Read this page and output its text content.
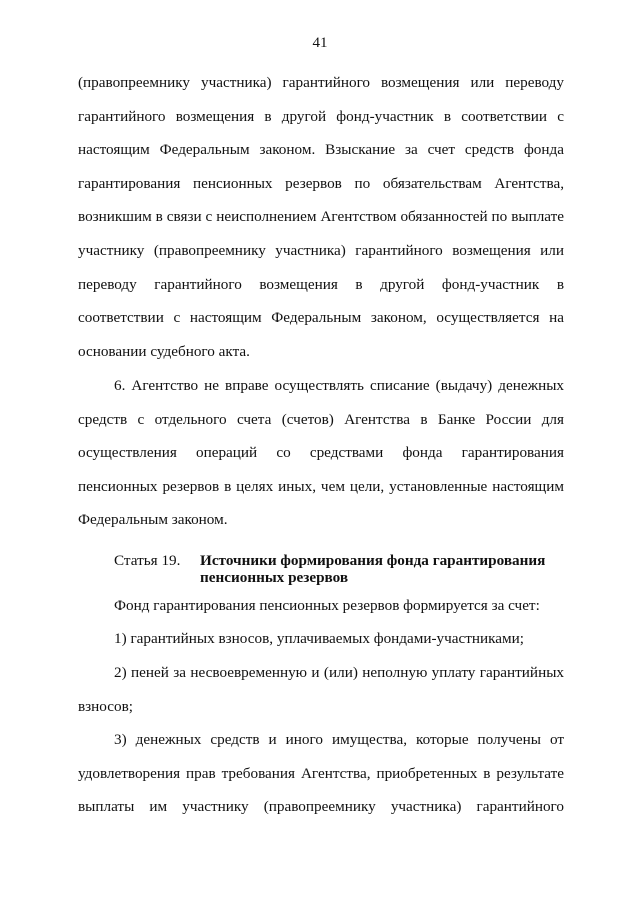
41

(правопреемнику участника) гарантийного возмещения или переводу гарантийного возмещения в другой фонд-участник в соответствии с настоящим Федеральным законом. Взыскание за счет средств фонда гарантирования пенсионных резервов по обязательствам Агентства, возникшим в связи с неисполнением Агентством обязанностей по выплате участнику (правопреемнику участника) гарантийного возмещения или переводу гарантийного возмещения в другой фонд-участник в соответствии с настоящим Федеральным законом, осуществляется на основании судебного акта.

6. Агентство не вправе осуществлять списание (выдачу) денежных средств с отдельного счета (счетов) Агентства в Банке России для осуществления операций со средствами фонда гарантирования пенсионных резервов в целях иных, чем цели, установленные настоящим Федеральным законом.

Статья 19.	Источники формирования фонда гарантирования пенсионных резервов

Фонд гарантирования пенсионных резервов формируется за счет:

1) гарантийных взносов, уплачиваемых фондами-участниками;

2) пеней за несвоевременную и (или) неполную уплату гарантийных взносов;

3) денежных средств и иного имущества, которые получены от удовлетворения прав требования Агентства, приобретенных в результате выплаты им участнику (правопреемнику участника) гарантийного
